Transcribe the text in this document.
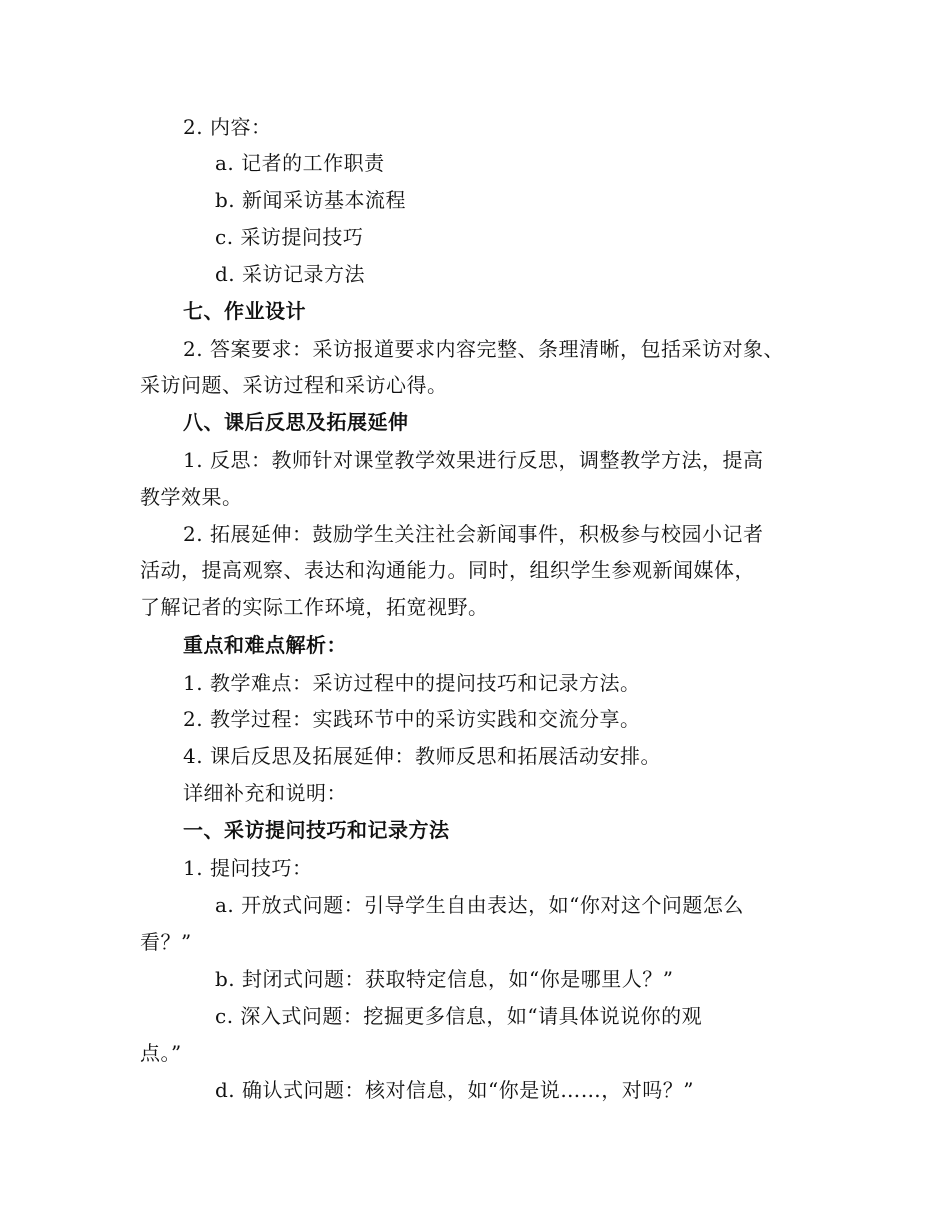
2. 内容：
a. 记者的工作职责
b. 新闻采访基本流程
c. 采访提问技巧
d. 采访记录方法
七、作业设计
2. 答案要求：采访报道要求内容完整、条理清晰，包括采访对象、
采访问题、采访过程和采访心得。
八、课后反思及拓展延伸
1. 反思：教师针对课堂教学效果进行反思，调整教学方法，提高
教学效果。
2. 拓展延伸：鼓励学生关注社会新闻事件，积极参与校园小记者
活动，提高观察、表达和沟通能力。同时，组织学生参观新闻媒体，
了解记者的实际工作环境，拓宽视野。
重点和难点解析：
1. 教学难点：采访过程中的提问技巧和记录方法。
2. 教学过程：实践环节中的采访实践和交流分享。
4. 课后反思及拓展延伸：教师反思和拓展活动安排。
详细补充和说明：
一、采访提问技巧和记录方法
1. 提问技巧：
a. 开放式问题：引导学生自由表达，如“你对这个问题怎么
看？”
b. 封闭式问题：获取特定信息，如“你是哪里人？”
c. 深入式问题：挖掘更多信息，如“请具体说说你的观
点。”
d. 确认式问题：核对信息，如“你是说……，对吗？”
